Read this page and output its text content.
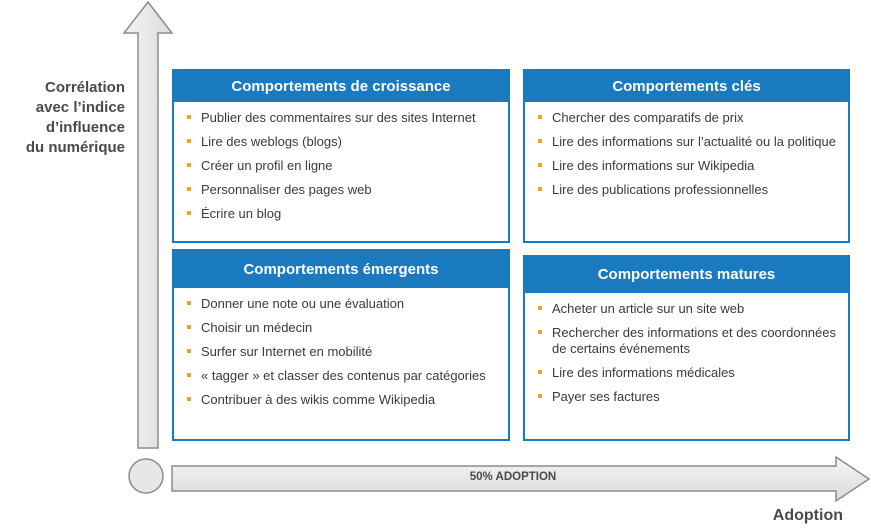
Corrélation
avec l’indice
d’influence
du numérique
50% ADOPTION
Adoption
Comportements de croissance
Publier des commentaires sur des sites Internet
Lire des weblogs (blogs)
Créer un profil en ligne
Personnaliser des pages web
Écrire un blog
Comportements clés
Chercher des comparatifs de prix
Lire des informations sur l’actualité ou la politique
Lire des informations sur Wikipedia
Lire des publications professionnelles
Comportements émergents
Donner une note ou une évaluation
Choisir un médecin
Surfer sur Internet en mobilité
« tagger » et classer des contenus par catégories
Contribuer à des wikis comme Wikipedia
Comportements matures
Acheter un article sur un site web
Rechercher des informations et des coordonnées de certains événements
Lire des informations médicales
Payer ses factures
